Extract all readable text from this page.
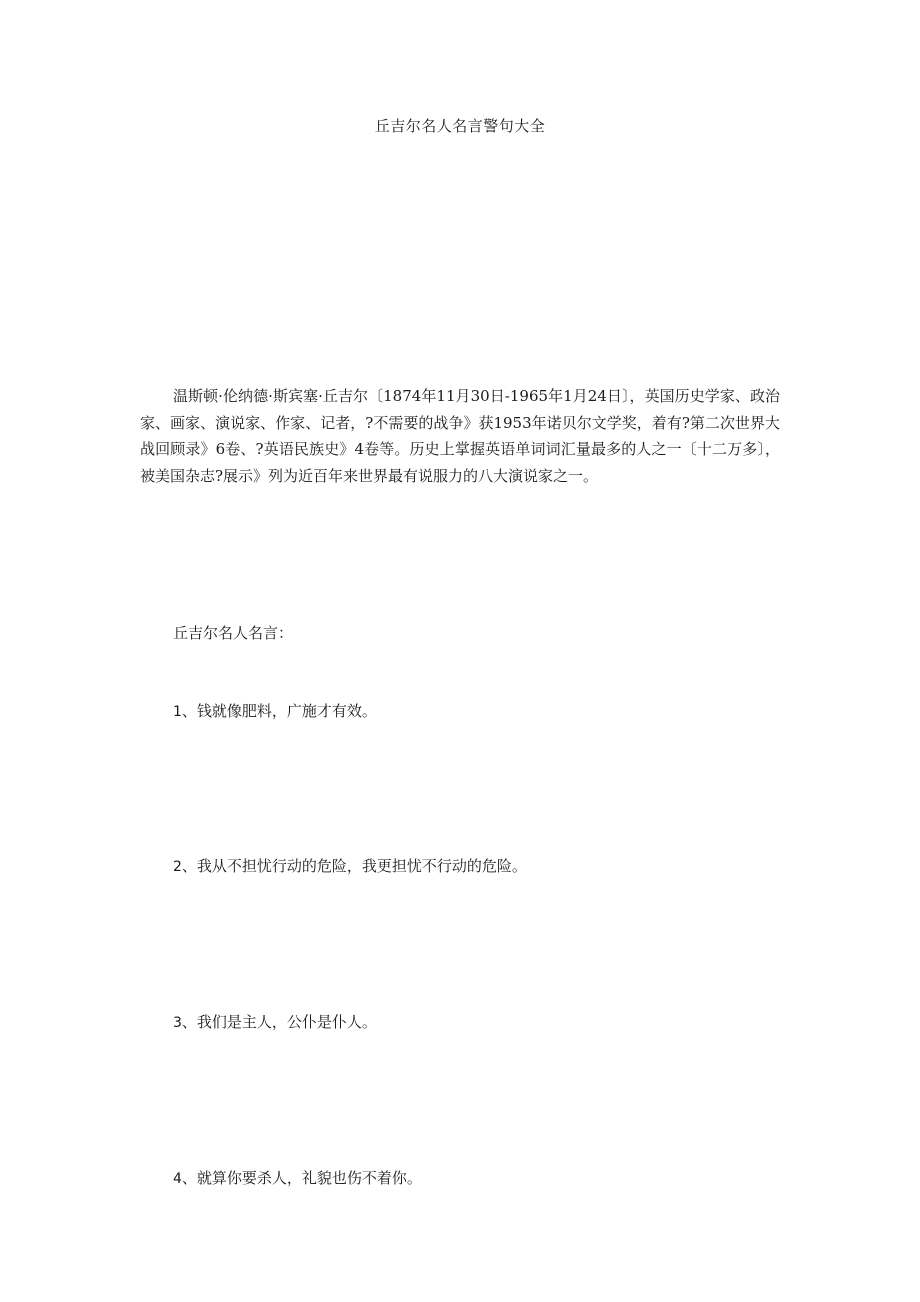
丘吉尔名人名言警句大全

温斯顿·伦纳德·斯宾塞·丘吉尔〔1874年11月30日-1965年1月24日〕，英国历史学家、政治家、画家、演说家、作家、记者，?不需要的战争》获1953年诺贝尔文学奖，着有?第二次世界大战回顾录》6卷、?英语民族史》4卷等。历史上掌握英语单词词汇量最多的人之一〔十二万多〕，被美国杂志?展示》列为近百年来世界最有说服力的八大演说家之一。

丘吉尔名人名言：

1、钱就像肥料，广施才有效。

2、我从不担忧行动的危险，我更担忧不行动的危险。

3、我们是主人，公仆是仆人。

4、就算你要杀人，礼貌也伤不着你。
